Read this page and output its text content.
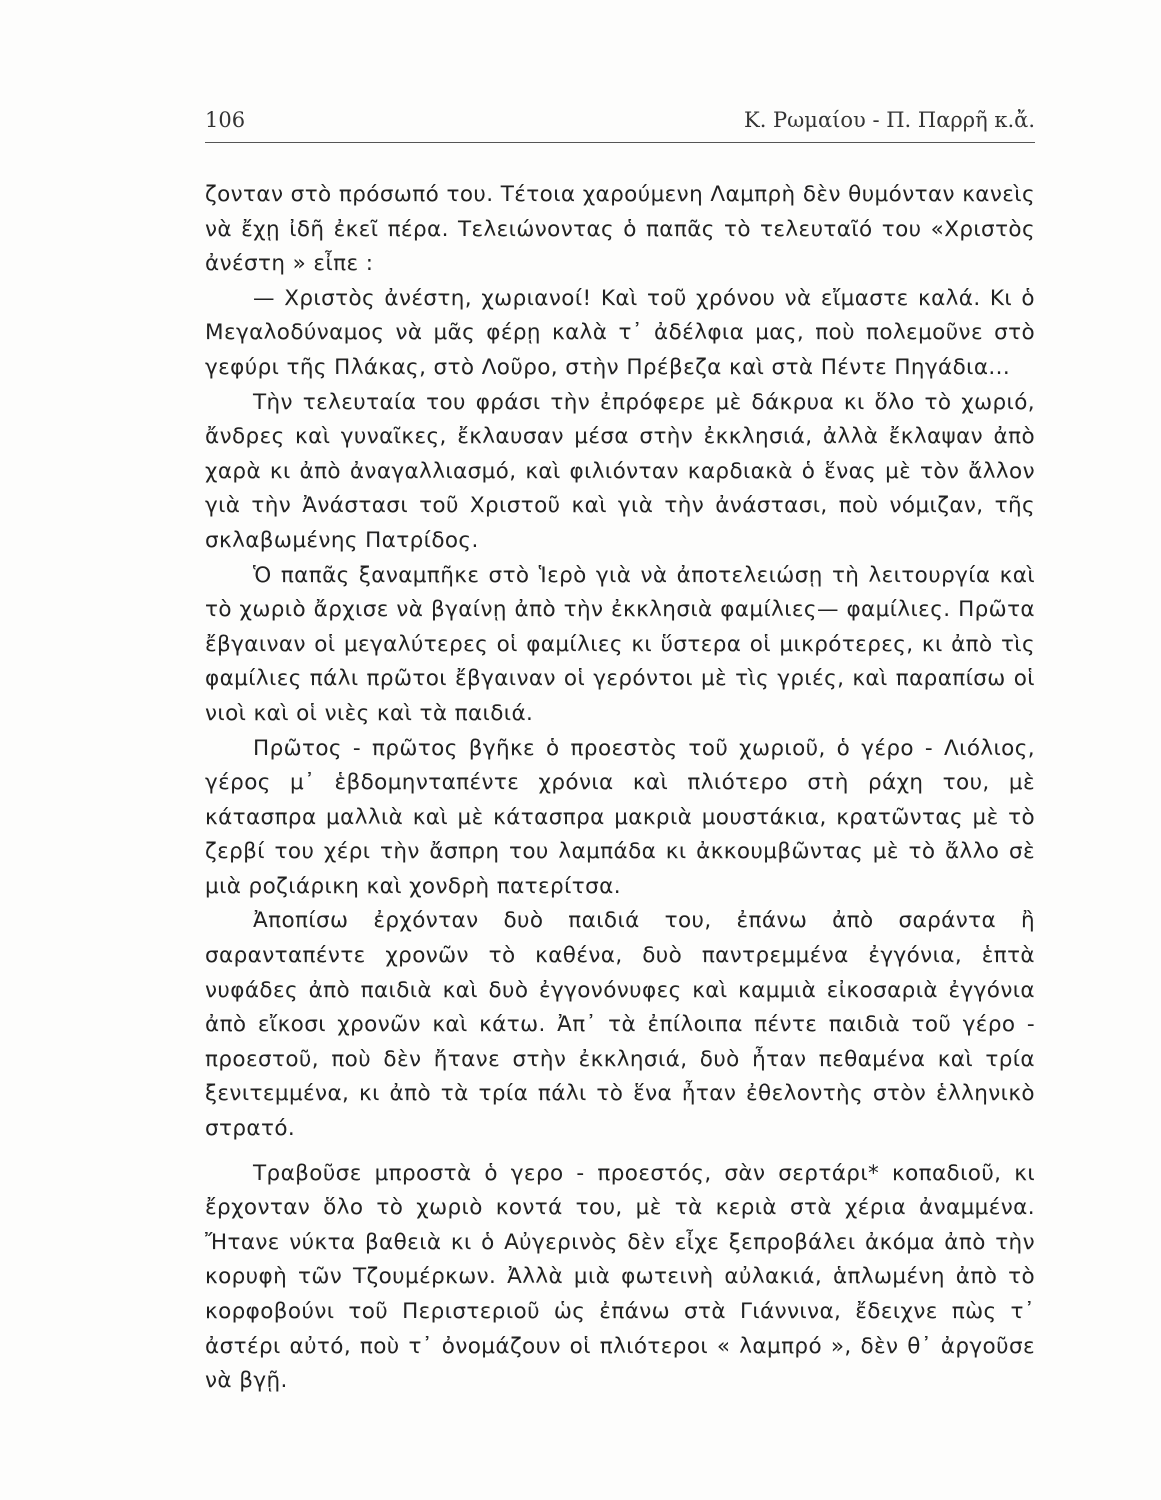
106	Κ. Ρωμαίου - Π. Παρρῆ κ.ἄ.

ζονταν στὸ πρόσωπό του. Τέτοια χαρούμενη Λαμπρὴ δὲν θυμόνταν κανεὶς νὰ ἔχῃ ἰδῆ ἐκεῖ πέρα. Τελειώνοντας ὁ παπᾶς τὸ τελευταῖό του «Χριστὸς ἀνέστη » εἶπε :

— Χριστὸς ἀνέστη, χωριανοί! Καὶ τοῦ χρόνου νὰ εἴμαστε καλά. Κι ὁ Μεγαλοδύναμος νὰ μᾶς φέρῃ καλὰ τ᾽ ἀδέλφια μας, ποὺ πολεμοῦνε στὸ γεφύρι τῆς Πλάκας, στὸ Λοῦρο, στὴν Πρέβεζα καὶ στὰ Πέντε Πηγάδια...

Τὴν τελευταία του φράσι τὴν ἐπρόφερε μὲ δάκρυα κι ὅλο τὸ χωριό, ἄνδρες καὶ γυναῖκες, ἔκλαυσαν μέσα στὴν ἐκκλησιά, ἀλλὰ ἔκλαψαν ἀπὸ χαρὰ κι ἀπὸ ἀναγαλλιασμό, καὶ φιλιόνταν καρδιακὰ ὁ ἕνας μὲ τὸν ἄλλον γιὰ τὴν Ἀνάστασι τοῦ Χριστοῦ καὶ γιὰ τὴν ἀνάστασι, ποὺ νόμιζαν, τῆς σκλαβωμένης Πατρίδος.

Ὁ παπᾶς ξαναμπῆκε στὸ Ἱερὸ γιὰ νὰ ἀποτελειώσῃ τὴ λειτουργία καὶ τὸ χωριὸ ἄρχισε νὰ βγαίνῃ ἀπὸ τὴν ἐκκλησιὰ φαμίλιες— φαμίλιες. Πρῶτα ἔβγαιναν οἱ μεγαλύτερες οἱ φαμίλιες κι ὕστερα οἱ μικρότερες, κι ἀπὸ τὶς φαμίλιες πάλι πρῶτοι ἔβγαιναν οἱ γερόντοι μὲ τὶς γριές, καὶ παραπίσω οἱ νιοὶ καὶ οἱ νιὲς καὶ τὰ παιδιά.

Πρῶτος - πρῶτος βγῆκε ὁ προεστὸς τοῦ χωριοῦ, ὁ γέρο - Λιόλιος, γέρος μ᾽ ἑβδομηνταπέντε χρόνια καὶ πλιότερο στὴ ράχη του, μὲ κάτασπρα μαλλιὰ καὶ μὲ κάτασπρα μακριὰ μουστάκια, κρατῶντας μὲ τὸ ζερβί του χέρι τὴν ἄσπρη του λαμπάδα κι ἀκκουμβῶντας μὲ τὸ ἄλλο σὲ μιὰ ροζιάρικη καὶ χονδρὴ πατερίτσα.

Ἀποπίσω ἐρχόνταν δυὸ παιδιά του, ἐπάνω ἀπὸ σαράντα ἢ σαρανταπέντε χρονῶν τὸ καθένα, δυὸ παντρεμμένα ἐγγόνια, ἑπτὰ νυφάδες ἀπὸ παιδιὰ καὶ δυὸ ἐγγονόνυφες καὶ καμμιὰ εἰκοσαριὰ ἐγγόνια ἀπὸ εἴκοσι χρονῶν καὶ κάτω. Ἀπ᾽ τὰ ἐπίλοιπα πέντε παιδιὰ τοῦ γέρο - προεστοῦ, ποὺ δὲν ἤτανε στὴν ἐκκλησιά, δυὸ ἦταν πεθαμένα καὶ τρία ξενιτεμμένα, κι ἀπὸ τὰ τρία πάλι τὸ ἕνα ἦταν ἐθελοντὴς στὸν ἑλληνικὸ στρατό.

Τραβοῦσε μπροστὰ ὁ γερο - προεστός, σὰν σερτάρι* κοπαδιοῦ, κι ἔρχονταν ὅλο τὸ χωριὸ κοντά του, μὲ τὰ κεριὰ στὰ χέρια ἀναμμένα. Ἤτανε νύκτα βαθειὰ κι ὁ Αὐγερινὸς δὲν εἶχε ξεπροβάλει ἀκόμα ἀπὸ τὴν κορυφὴ τῶν Τζουμέρκων. Ἀλλὰ μιὰ φωτεινὴ αὐλακιά, ἁπλωμένη ἀπὸ τὸ κορφοβούνι τοῦ Περιστεριοῦ ὡς ἐπάνω στὰ Γιάννινα, ἔδειχνε πὼς τ᾽ ἀστέρι αὐτό, ποὺ τ᾽ ὀνομάζουν οἱ πλιότεροι « λαμπρό », δὲν θ᾽ ἀργοῦσε νὰ βγῇ.
